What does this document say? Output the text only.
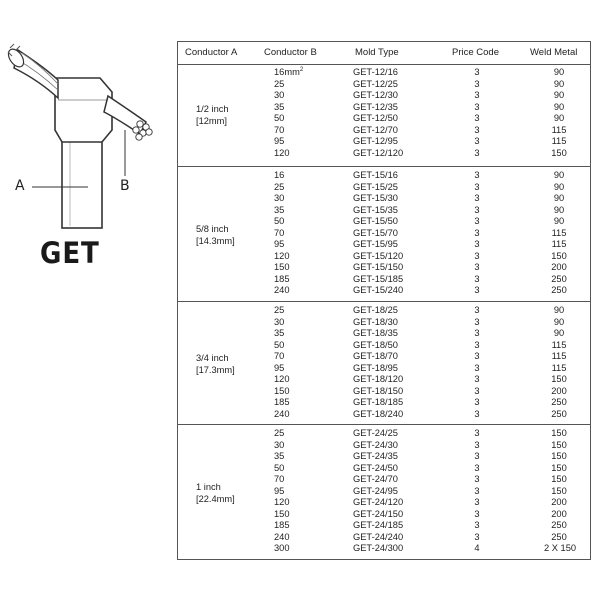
A	B
GET
Conductor A	Conductor B	Mold Type	Price Code	Weld Metal
1/2 inch
[12mm]
$16mm^2$	GET-12/16	3	90
25	GET-12/25	3	90
30	GET-12/30	3	90
35	GET-12/35	3	90
50	GET-12/50	3	90
70	GET-12/70	3	115
95	GET-12/95	3	115
120	GET-12/120	3	150
5/8 inch
[14.3mm]
16	GET-15/16	3	90
25	GET-15/25	3	90
30	GET-15/30	3	90
35	GET-15/35	3	90
50	GET-15/50	3	90
70	GET-15/70	3	115
95	GET-15/95	3	115
120	GET-15/120	3	150
150	GET-15/150	3	200
185	GET-15/185	3	250
240	GET-15/240	3	250
3/4 inch
[17.3mm]
25	GET-18/25	3	90
30	GET-18/30	3	90
35	GET-18/35	3	90
50	GET-18/50	3	115
70	GET-18/70	3	115
95	GET-18/95	3	115
120	GET-18/120	3	150
150	GET-18/150	3	200
185	GET-18/185	3	250
240	GET-18/240	3	250
1 inch
[22.4mm]
25	GET-24/25	3	150
30	GET-24/30	3	150
35	GET-24/35	3	150
50	GET-24/50	3	150
70	GET-24/70	3	150
95	GET-24/95	3	150
120	GET-24/120	3	200
150	GET-24/150	3	200
185	GET-24/185	3	250
240	GET-24/240	3	250
300	GET-24/300	4	2 X 150
